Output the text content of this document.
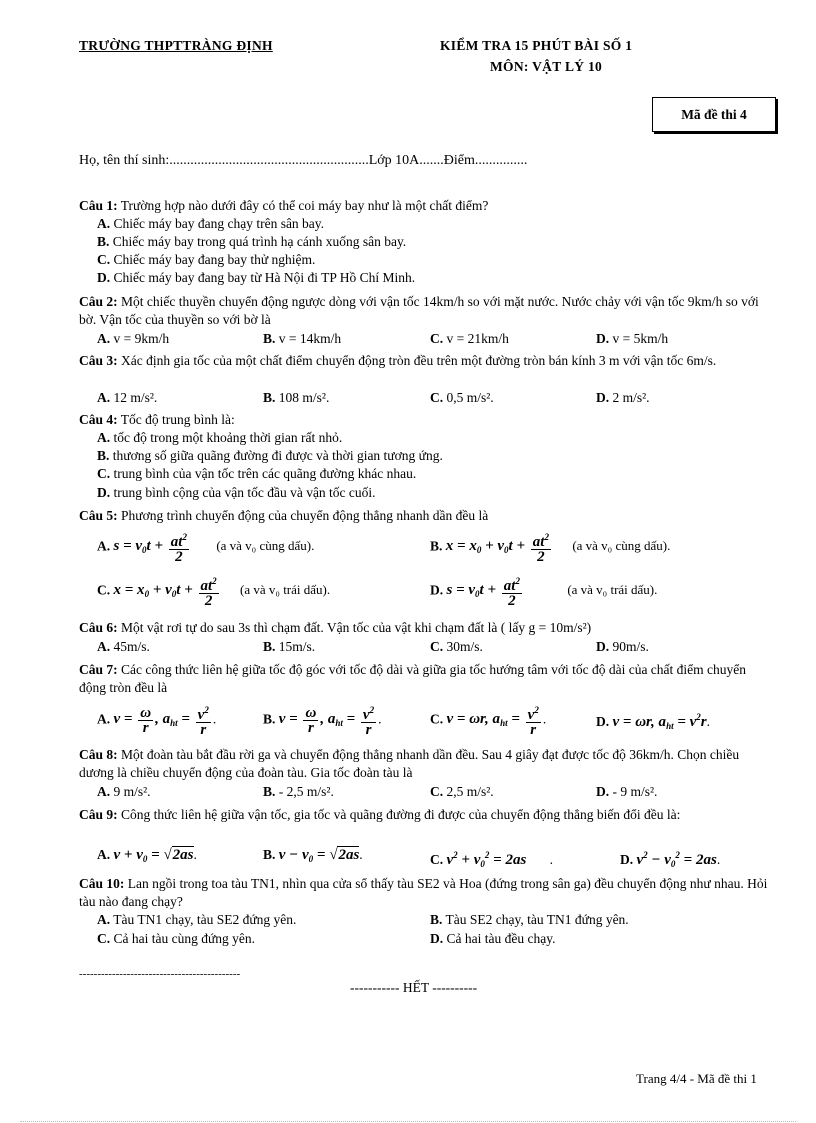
TRƯỜNG THPTTRÀNG ĐỊNH	KIỂM TRA 15 PHÚT BÀI SỐ 1
MÔN: VẬT LÝ 10
Mã đề thi 4
Họ, tên thí sinh:.........................................................Lớp 10A.......Điểm...............
Câu 1: Trường hợp nào dưới đây có thể coi máy bay như là một chất điểm?
A. Chiếc máy bay đang chạy trên sân bay.
B. Chiếc máy bay trong quá trình hạ cánh xuống sân bay.
C. Chiếc máy bay đang bay thử nghiệm.
D. Chiếc máy bay đang bay từ Hà Nội đi TP Hồ Chí Minh.
Câu 2: Một chiếc thuyền chuyển động ngược dòng với vận tốc 14km/h so với mặt nước. Nước chảy với vận tốc 9km/h so với bờ. Vận tốc của thuyền so với bờ là
A. v = 9km/h	B. v = 14km/h	C. v = 21km/h	D. v = 5km/h
Câu 3: Xác định gia tốc của một chất điểm chuyển động tròn đều trên một đường tròn bán kính 3 m với vận tốc 6m/s.
A. 12 m/s².	B. 108 m/s².	C. 0,5 m/s².	D. 2 m/s².
Câu 4: Tốc độ trung bình là:
A. tốc độ trong một khoảng thời gian rất nhỏ.
B. thương số giữa quãng đường đi được và thời gian tương ứng.
C. trung bình của vận tốc trên các quãng đường khác nhau.
D. trung bình cộng của vận tốc đầu và vận tốc cuối.
Câu 5: Phương trình chuyển động của chuyển động thẳng nhanh dần đều là
A. $s = v_0t + \frac{at^2}{2} (a$ và v₀ cùng dấu).	B. $x = x_0 + v_0t + \frac{at^2}{2} (a$ và v₀ cùng dấu).
C. $x = x_0 + v_0t + \frac{at^2}{2} (a$ và v₀ trái dấu).	D. $s = v_0t + \frac{at^2}{2}$	(a và v₀ trái dấu).
Câu 6: Một vật rơi tự do sau 3s thì chạm đất. Vận tốc của vật khi chạm đất là ( lấy g = 10m/s²)
A. 45m/s.	B. 15m/s.	C. 30m/s.	D. 90m/s.
Câu 7: Các công thức liên hệ giữa tốc độ góc với tốc độ dài và giữa gia tốc hướng tâm với tốc độ dài của chất điểm chuyển động tròn đều là
A. $v = \frac{\omega}{r}$ , $a_{ht} = \frac{v^2}{r}$ .	B. $v = \frac{\omega}{r}$ , $a_{ht} = \frac{v^2}{r}$ .	C. v = ωr, $a_{ht} = \frac{v^2}{r}$ .	D. v = ωr, $a_{ht} = v^2r$.
Câu 8: Một đoàn tàu bắt đầu rời ga và chuyển động thẳng nhanh dần đều. Sau 4 giây đạt được tốc độ 36km/h. Chọn chiều dương là chiều chuyển động của đoàn tàu. Gia tốc đoàn tàu là
A. 9 m/s².	B. - 2,5 m/s².	C. 2,5 m/s².	D. - 9 m/s².
Câu 9: Công thức liên hệ giữa vận tốc, gia tốc và quãng đường đi được của chuyển động thẳng biến đổi đều là:
A. $v + v_0 = √2as$.	B. $v - v_0 = √2as$.	C. $v^2 + v_0^2 = 2as$ .	D. $v^2 - v_0^2 = 2as$.
Câu 10: Lan ngồi trong toa tàu TN1, nhìn qua cửa sổ thấy tàu SE2 và Hoa (đứng trong sân ga) đều chuyển động như nhau. Hỏi tàu nào đang chạy?
A. Tàu TN1 chạy, tàu SE2 đứng yên.	B. Tàu SE2 chạy, tàu TN1 đứng yên.
C. Cả hai tàu cùng đứng yên.	D. Cả hai tàu đều chạy.
--------------------------------------------
----------- HẾT ----------
Trang 4/4 - Mã đề thi 1
